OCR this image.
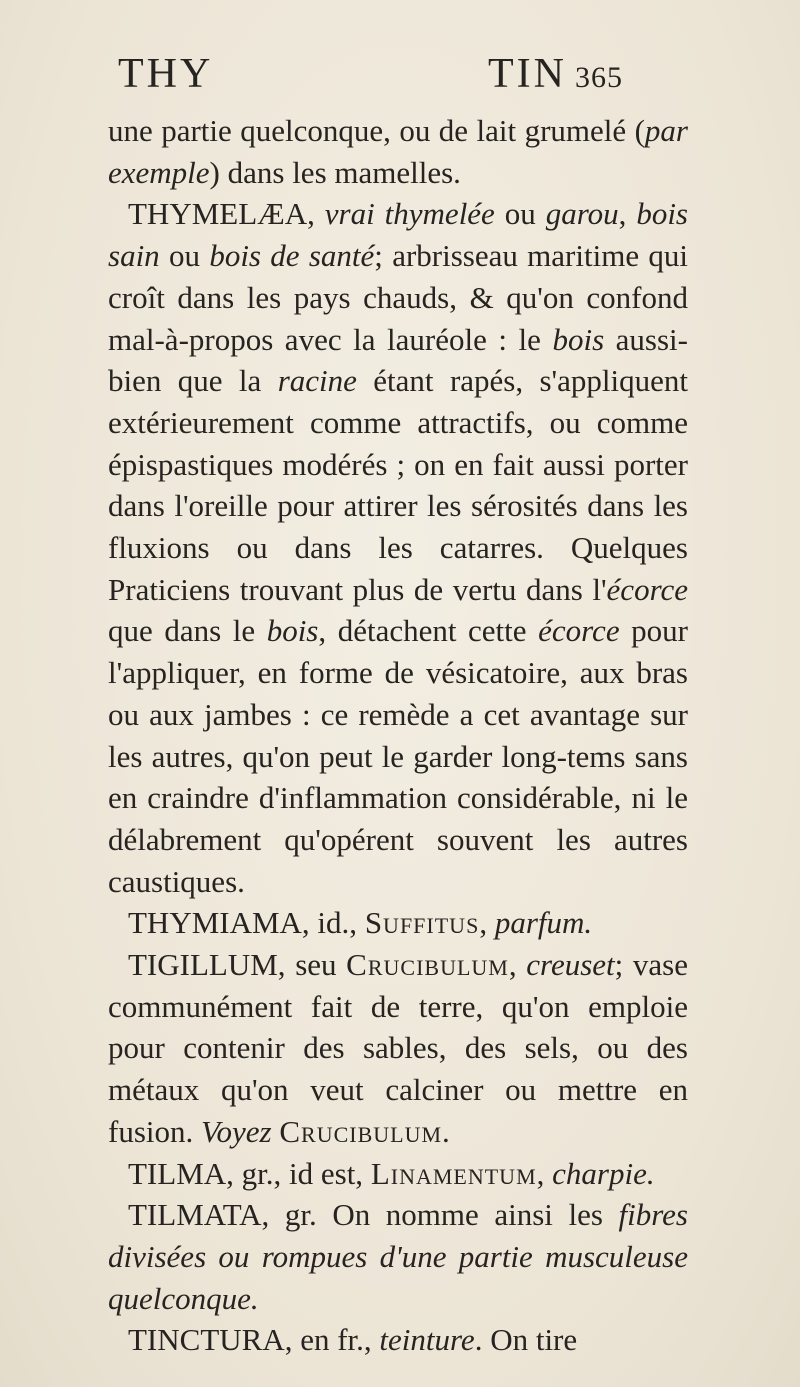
THY	TIN 365

une partie quelconque, ou de lait grumelé (par exemple) dans les mamelles.

THYMELÆA, vrai thymelée ou garou, bois sain ou bois de santé; arbrisseau maritime qui croît dans les pays chauds, & qu'on confond mal-à-propos avec la lauréole : le bois aussi-bien que la racine étant rapés, s'appliquent extérieurement comme attractifs, ou comme épispastiques modérés ; on en fait aussi porter dans l'oreille pour attirer les sérosités dans les fluxions ou dans les catarres. Quelques Praticiens trouvant plus de vertu dans l'écorce que dans le bois, détachent cette écorce pour l'appliquer, en forme de vésicatoire, aux bras ou aux jambes : ce remède a cet avantage sur les autres, qu'on peut le garder long-tems sans en craindre d'inflammation considérable, ni le délabrement qu'opérent souvent les autres caustiques.

THYMIAMA, id., Suffitus, parfum.

TIGILLUM, seu Crucibulum, creuset; vase communément fait de terre, qu'on emploie pour contenir des sables, des sels, ou des métaux qu'on veut calciner ou mettre en fusion. Voyez Crucibulum.

TILMA, gr., id est, Linamentum, charpie.

TILMATA, gr. On nomme ainsi les fibres divisées ou rompues d'une partie musculeuse quelconque.

TINCTURA, en fr., teinture. On tire
